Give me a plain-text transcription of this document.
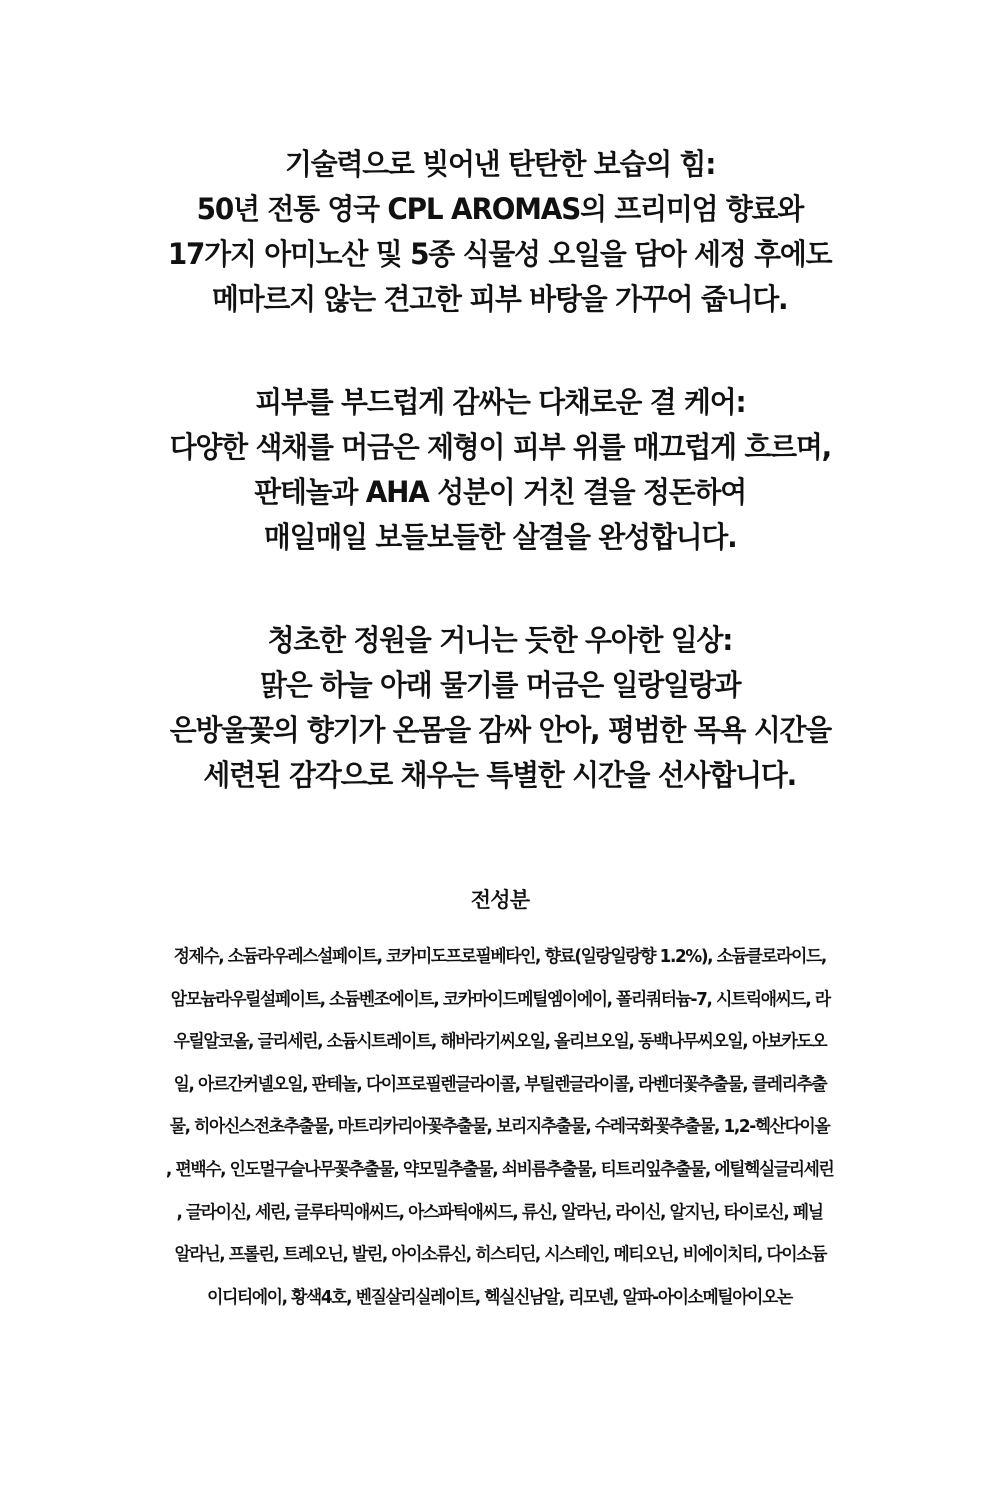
기술력으로 빚어낸 탄탄한 보습의 힘:
50년 전통 영국 CPL AROMAS의 프리미엄 향료와
17가지 아미노산 및 5종 식물성 오일을 담아 세정 후에도
메마르지 않는 견고한 피부 바탕을 가꾸어 줍니다.
피부를 부드럽게 감싸는 다채로운 결 케어:
다양한 색채를 머금은 제형이 피부 위를 매끄럽게 흐르며,
판테놀과 AHA 성분이 거친 결을 정돈하여
매일매일 보들보들한 살결을 완성합니다.
청초한 정원을 거니는 듯한 우아한 일상:
맑은 하늘 아래 물기를 머금은 일랑일랑과
은방울꽃의 향기가 온몸을 감싸 안아, 평범한 목욕 시간을
세련된 감각으로 채우는 특별한 시간을 선사합니다.
전성분
정제수, 소듐라우레스설페이트, 코카미도프로필베타인, 향료(일랑일랑향 1.2%), 소듐클로라이드,
암모늄라우릴설페이트, 소듐벤조에이트, 코카마이드메틸엠이에이, 폴리쿼터늄-7, 시트릭애씨드, 라
우릴알코올, 글리세린, 소듐시트레이트, 해바라기씨오일, 올리브오일, 동백나무씨오일, 아보카도오
일, 아르간커넬오일, 판테놀, 다이프로필렌글라이콜, 부틸렌글라이콜, 라벤더꽃추출물, 클레리추출
물, 히아신스전초추출물, 마트리카리아꽃추출물, 보리지추출물, 수레국화꽃추출물, 1,2-헥산다이올
, 편백수, 인도멀구슬나무꽃추출물, 약모밀추출물, 쇠비름추출물, 티트리잎추출물, 에틸헥실글리세린
, 글라이신, 세린, 글루타믹애씨드, 아스파틱애씨드, 류신, 알라닌, 라이신, 알지닌, 타이로신, 페닐
알라닌, 프롤린, 트레오닌, 발린, 아이소류신, 히스티딘, 시스테인, 메티오닌, 비에이치티, 다이소듐
이디티에이, 황색4호, 벤질살리실레이트, 헥실신남알, 리모넨, 알파-아이소메틸아이오논
